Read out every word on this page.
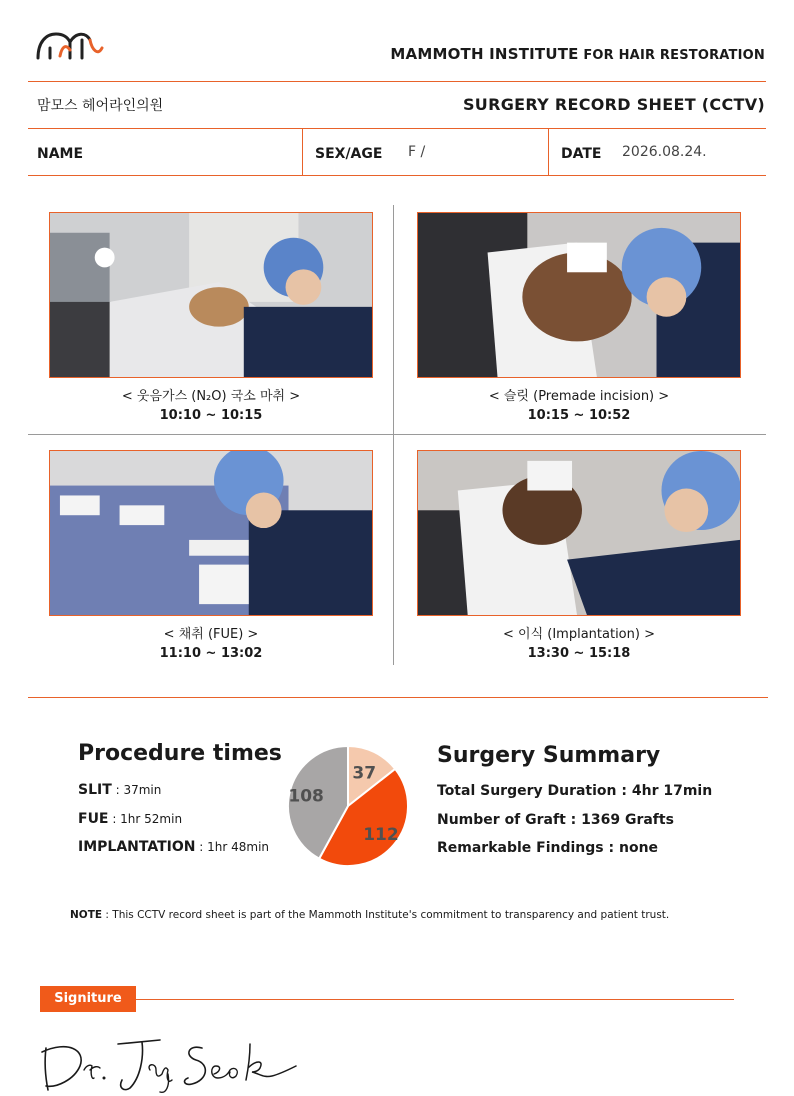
MAMMOTH INSTITUTE FOR HAIR RESTORATION
맘모스 헤어라인의원	SURGERY RECORD SHEET (CCTV)
NAME	SEX/AGE F /	DATE 2026.08.24.
< 웃음가스 (N₂O) 국소 마취 >
10:10 ~ 10:15
< 슬릿 (Premade incision) >
10:15 ~ 10:52
< 채취 (FUE) >
11:10 ~ 13:02
< 이식 (Implantation) >
13:30 ~ 15:18
Procedure times
SLIT : 37min
FUE : 1hr 52min
IMPLANTATION : 1hr 48min
37
112
108
Surgery Summary
Total Surgery Duration : 4hr 17min
Number of Graft : 1369 Grafts
Remarkable Findings : none
NOTE : This CCTV record sheet is part of the Mammoth Institute's commitment to transparency and patient trust.
Signiture
